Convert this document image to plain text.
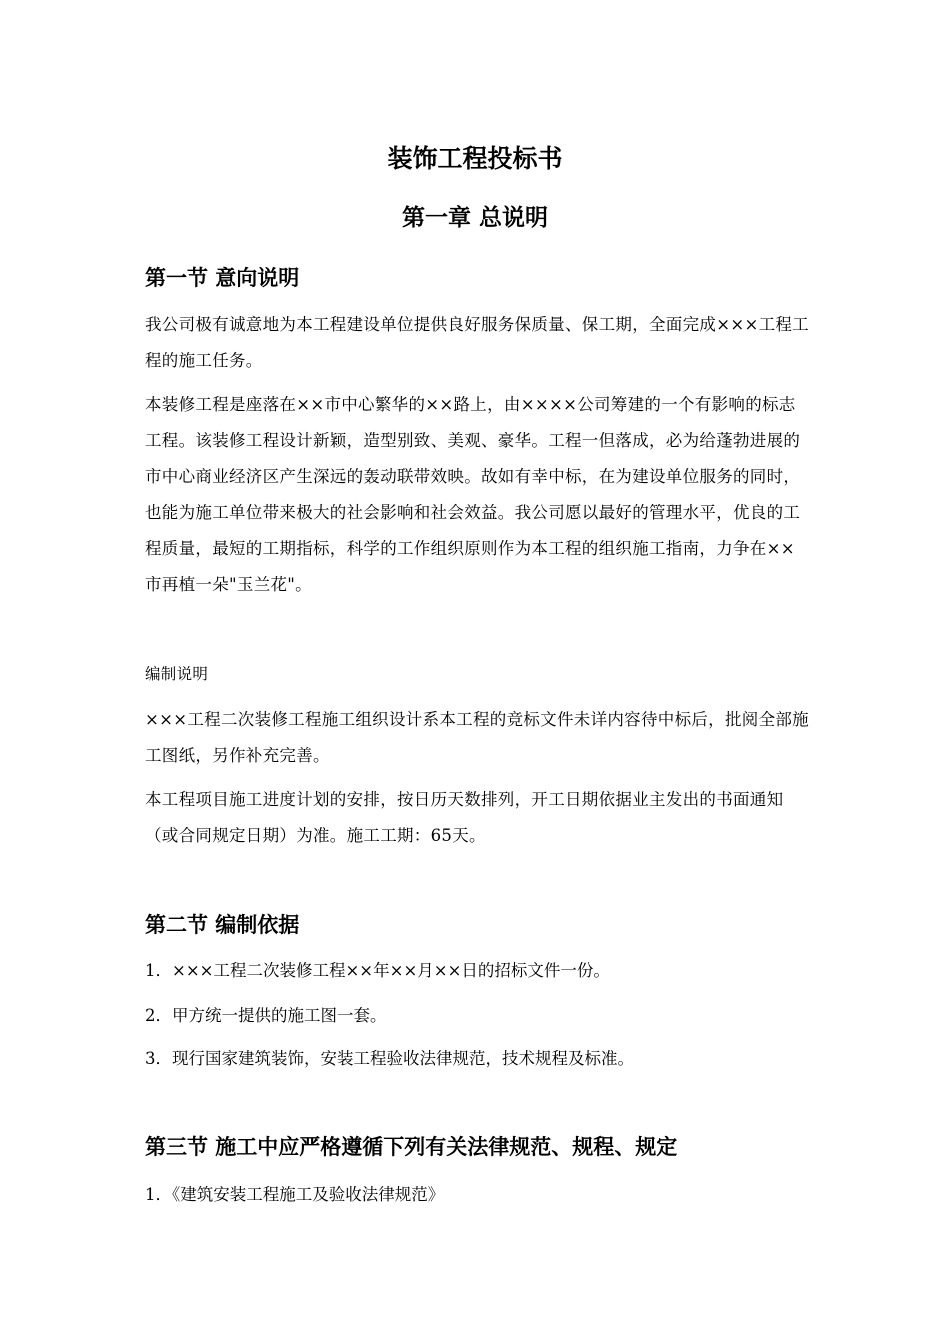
装饰工程投标书
第一章 总说明
第一节 意向说明

我公司极有诚意地为本工程建设单位提供良好服务保质量、保工期，全面完成×××工程工程的施工任务。

本装修工程是座落在××市中心繁华的××路上，由××××公司筹建的一个有影响的标志工程。该装修工程设计新颖，造型别致、美观、豪华。工程一但落成，必为给蓬勃进展的市中心商业经济区产生深远的轰动联带效映。故如有幸中标，在为建设单位服务的同时，也能为施工单位带来极大的社会影响和社会效益。我公司愿以最好的管理水平，优良的工程质量，最短的工期指标，科学的工作组织原则作为本工程的组织施工指南，力争在××市再植一朵"玉兰花"。

编制说明

×××工程二次装修工程施工组织设计系本工程的竞标文件未详内容待中标后，批阅全部施工图纸，另作补充完善。

本工程项目施工进度计划的安排，按日历天数排列，开工日期依据业主发出的书面通知（或合同规定日期）为准。施工工期：65天。

第二节 编制依据

1．×××工程二次装修工程××年××月××日的招标文件一份。

2．甲方统一提供的施工图一套。

3．现行国家建筑装饰，安装工程验收法律规范，技术规程及标准。

第三节 施工中应严格遵循下列有关法律规范、规程、规定

1．《建筑安装工程施工及验收法律规范》
